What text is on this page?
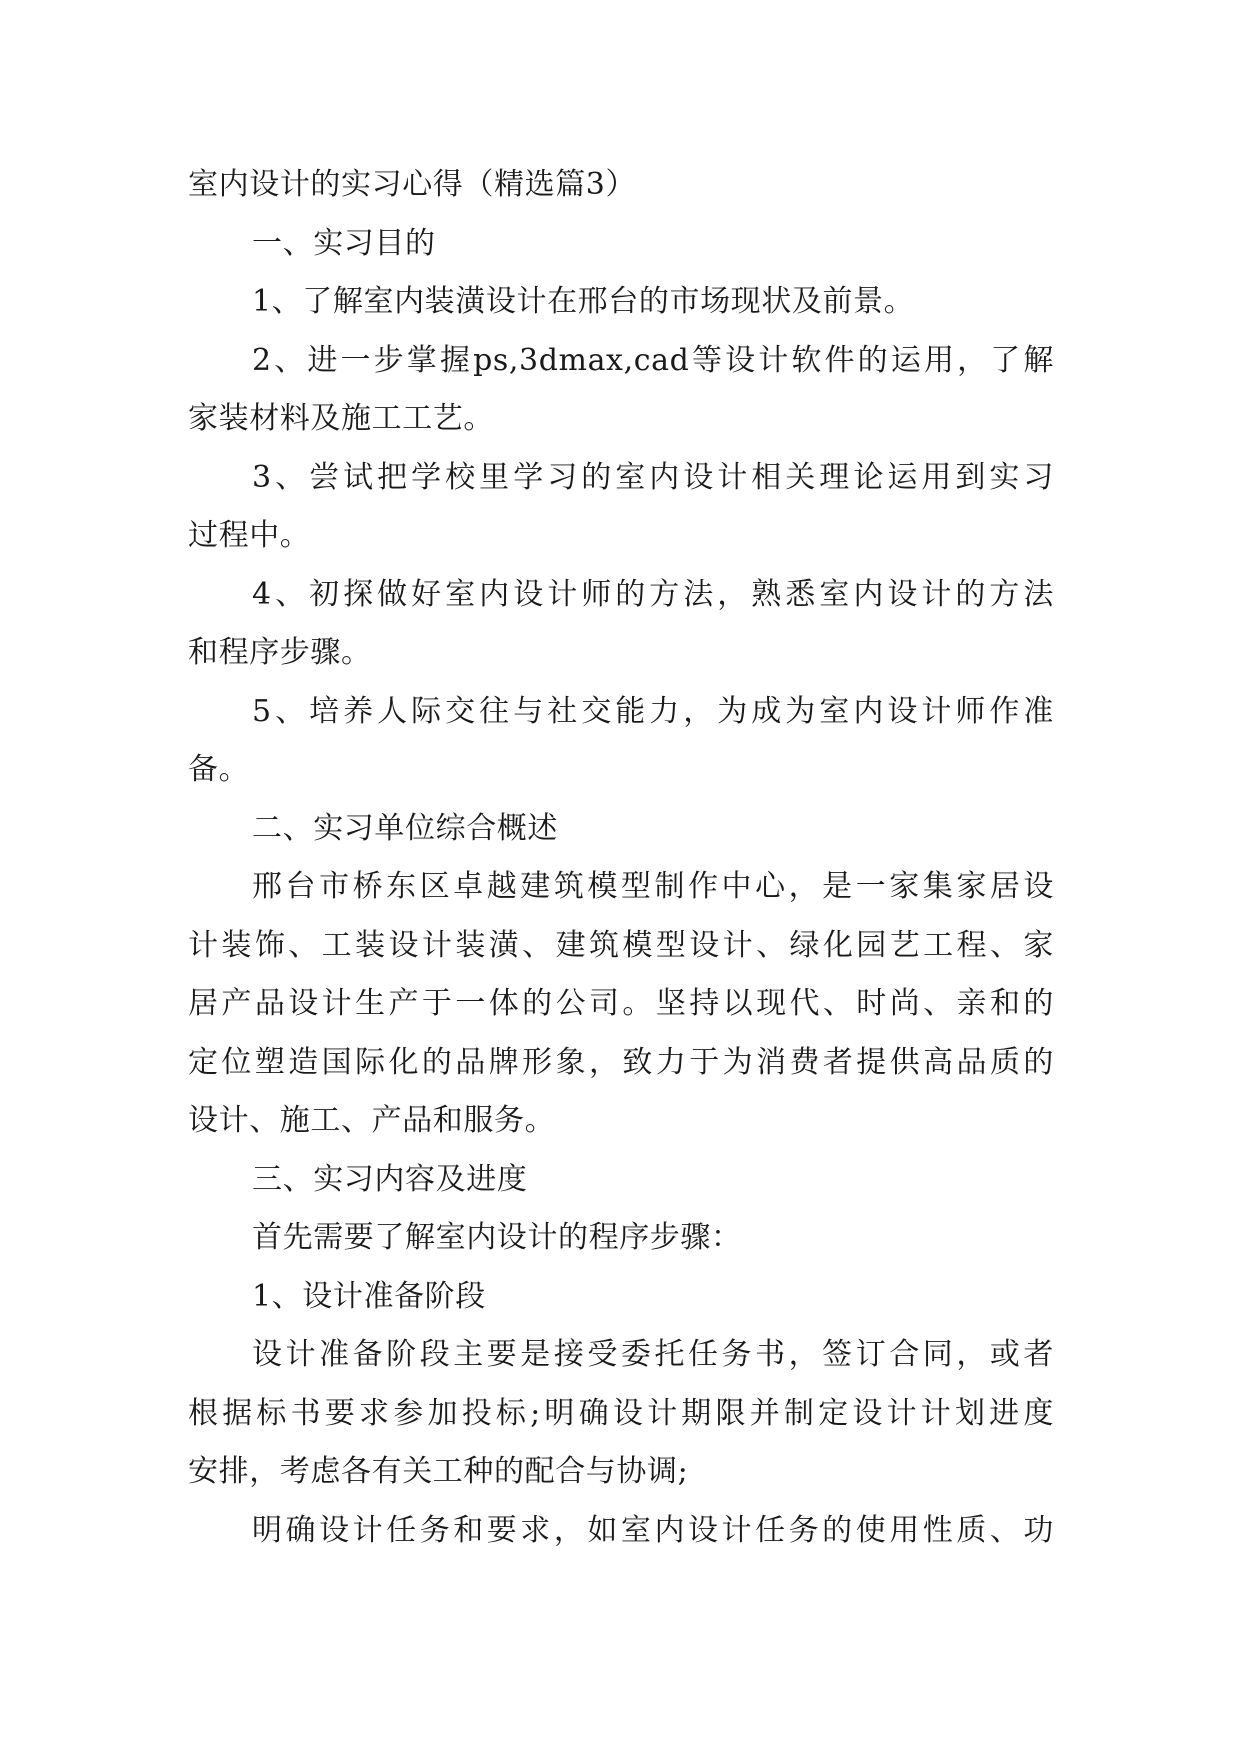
室内设计的实习心得（精选篇3）
一、实习目的
1、了解室内装潢设计在邢台的市场现状及前景。
2、进一步掌握ps,3dmax,cad等设计软件的运用，了解
家装材料及施工工艺。
3、尝试把学校里学习的室内设计相关理论运用到实习
过程中。
4、初探做好室内设计师的方法，熟悉室内设计的方法
和程序步骤。
5、培养人际交往与社交能力，为成为室内设计师作准
备。
二、实习单位综合概述
邢台市桥东区卓越建筑模型制作中心，是一家集家居设
计装饰、工装设计装潢、建筑模型设计、绿化园艺工程、家
居产品设计生产于一体的公司。坚持以现代、时尚、亲和的
定位塑造国际化的品牌形象，致力于为消费者提供高品质的
设计、施工、产品和服务。
三、实习内容及进度
首先需要了解室内设计的程序步骤：
1、设计准备阶段
设计准备阶段主要是接受委托任务书，签订合同，或者
根据标书要求参加投标;明确设计期限并制定设计计划进度
安排，考虑各有关工种的配合与协调;
明确设计任务和要求，如室内设计任务的使用性质、功
